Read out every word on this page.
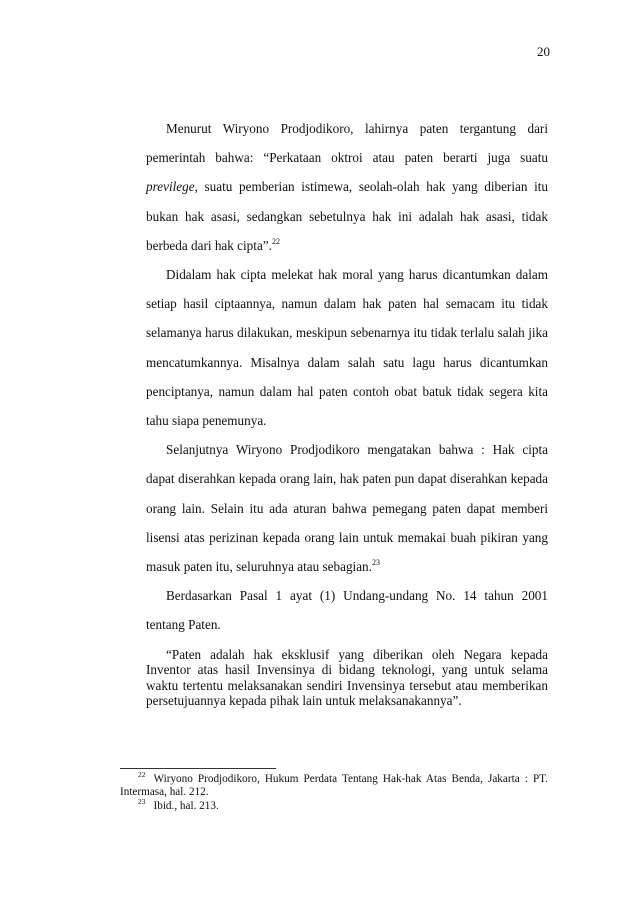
20

Menurut Wiryono Prodjodikoro, lahirnya paten tergantung dari pemerintah bahwa: “Perkataan oktroi atau paten berarti juga suatu previlege, suatu pemberian istimewa, seolah-olah hak yang diberian itu bukan hak asasi, sedangkan sebetulnya hak ini adalah hak asasi, tidak berbeda dari hak cipta”.$^{22}$

Didalam hak cipta melekat hak moral yang harus dicantumkan dalam setiap hasil ciptaannya, namun dalam hak paten hal semacam itu tidak selamanya harus dilakukan, meskipun sebenarnya itu tidak terlalu salah jika mencatumkannya. Misalnya dalam salah satu lagu harus dicantumkan penciptanya, namun dalam hal paten contoh obat batuk tidak segera kita tahu siapa penemunya.

Selanjutnya Wiryono Prodjodikoro mengatakan bahwa : Hak cipta dapat diserahkan kepada orang lain, hak paten pun dapat diserahkan kepada orang lain. Selain itu ada aturan bahwa pemegang paten dapat memberi lisensi atas perizinan kepada orang lain untuk memakai buah pikiran yang masuk paten itu, seluruhnya atau sebagian.$^{23}$

Berdasarkan Pasal 1 ayat (1) Undang-undang No. 14 tahun 2001 tentang Paten.

“Paten adalah hak eksklusif yang diberikan oleh Negara kepada Inventor atas hasil Invensinya di bidang teknologi, yang untuk selama waktu tertentu melaksanakan sendiri Invensinya tersebut atau memberikan persetujuannya kepada pihak lain untuk melaksanakannya”.

$^{22}$ Wiryono Prodjodikoro, Hukum Perdata Tentang Hak-hak Atas Benda, Jakarta : PT. Intermasa, hal. 212.

$^{23}$ Ibid., hal. 213.
